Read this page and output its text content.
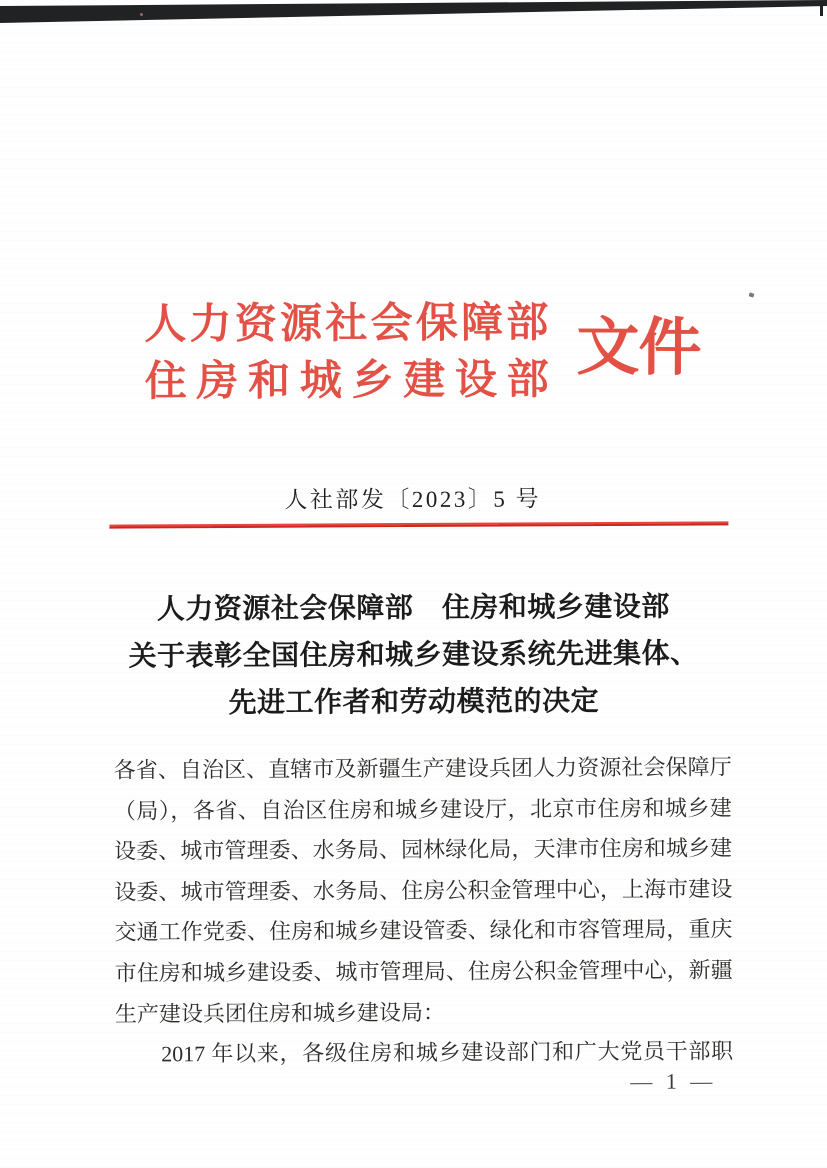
人力资源社会保障部
住房和城乡建设部 文件
人社部发〔2023〕5 号
人力资源社会保障部　住房和城乡建设部
关于表彰全国住房和城乡建设系统先进集体、
先进工作者和劳动模范的决定
各省、自治区、直辖市及新疆生产建设兵团人力资源社会保障厅
（局），各省、自治区住房和城乡建设厅，北京市住房和城乡建
设委、城市管理委、水务局、园林绿化局，天津市住房和城乡建
设委、城市管理委、水务局、住房公积金管理中心，上海市建设
交通工作党委、住房和城乡建设管委、绿化和市容管理局，重庆
市住房和城乡建设委、城市管理局、住房公积金管理中心，新疆
生产建设兵团住房和城乡建设局：
2017 年以来，各级住房和城乡建设部门和广大党员干部职
— 1 —
